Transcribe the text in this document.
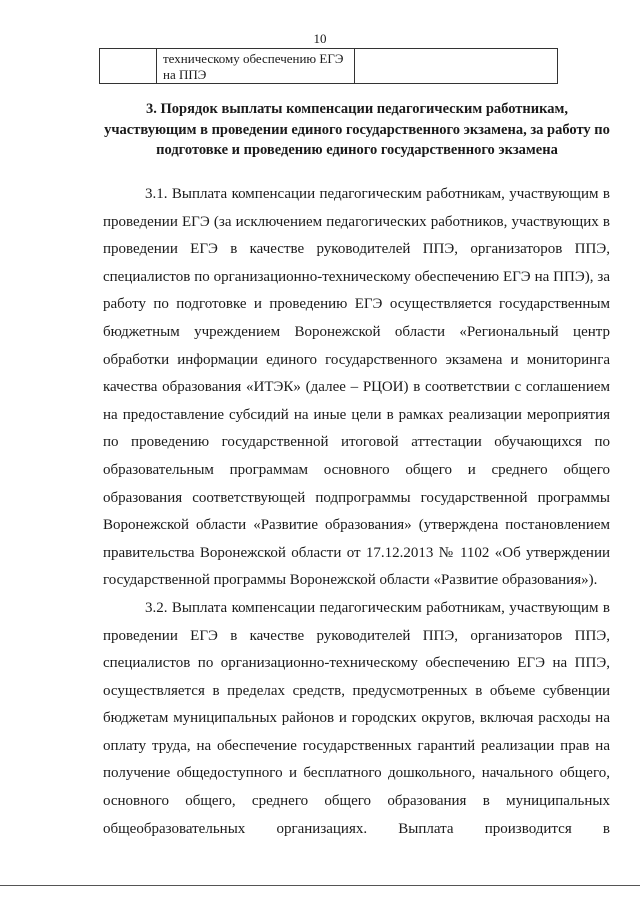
10
техническому обеспечению ЕГЭ на ППЭ
3. Порядок выплаты компенсации педагогическим работникам, участвующим в проведении единого государственного экзамена, за работу по подготовке и проведению единого государственного экзамена

3.1. Выплата компенсации педагогическим работникам, участвующим в проведении ЕГЭ (за исключением педагогических работников, участвующих в проведении ЕГЭ в качестве руководителей ППЭ, организаторов ППЭ, специалистов по организационно-техническому обеспечению ЕГЭ на ППЭ), за работу по подготовке и проведению ЕГЭ осуществляется государственным бюджетным учреждением Воронежской области «Региональный центр обработки информации единого государственного экзамена и мониторинга качества образования «ИТЭК» (далее – РЦОИ) в соответствии с соглашением на предоставление субсидий на иные цели в рамках реализации мероприятия по проведению государственной итоговой аттестации обучающихся по образовательным программам основного общего и среднего общего образования соответствующей подпрограммы государственной программы Воронежской области «Развитие образования» (утверждена постановлением правительства Воронежской области от 17.12.2013 № 1102 «Об утверждении государственной программы Воронежской области «Развитие образования»).

3.2. Выплата компенсации педагогическим работникам, участвующим в проведении ЕГЭ в качестве руководителей ППЭ, организаторов ППЭ, специалистов по организационно-техническому обеспечению ЕГЭ на ППЭ, осуществляется в пределах средств, предусмотренных в объеме субвенции бюджетам муниципальных районов и городских округов, включая расходы на оплату труда, на обеспечение государственных гарантий реализации прав на получение общедоступного и бесплатного дошкольного, начального общего, основного общего, среднего общего образования в муниципальных общеобразовательных организациях. Выплата производится в
